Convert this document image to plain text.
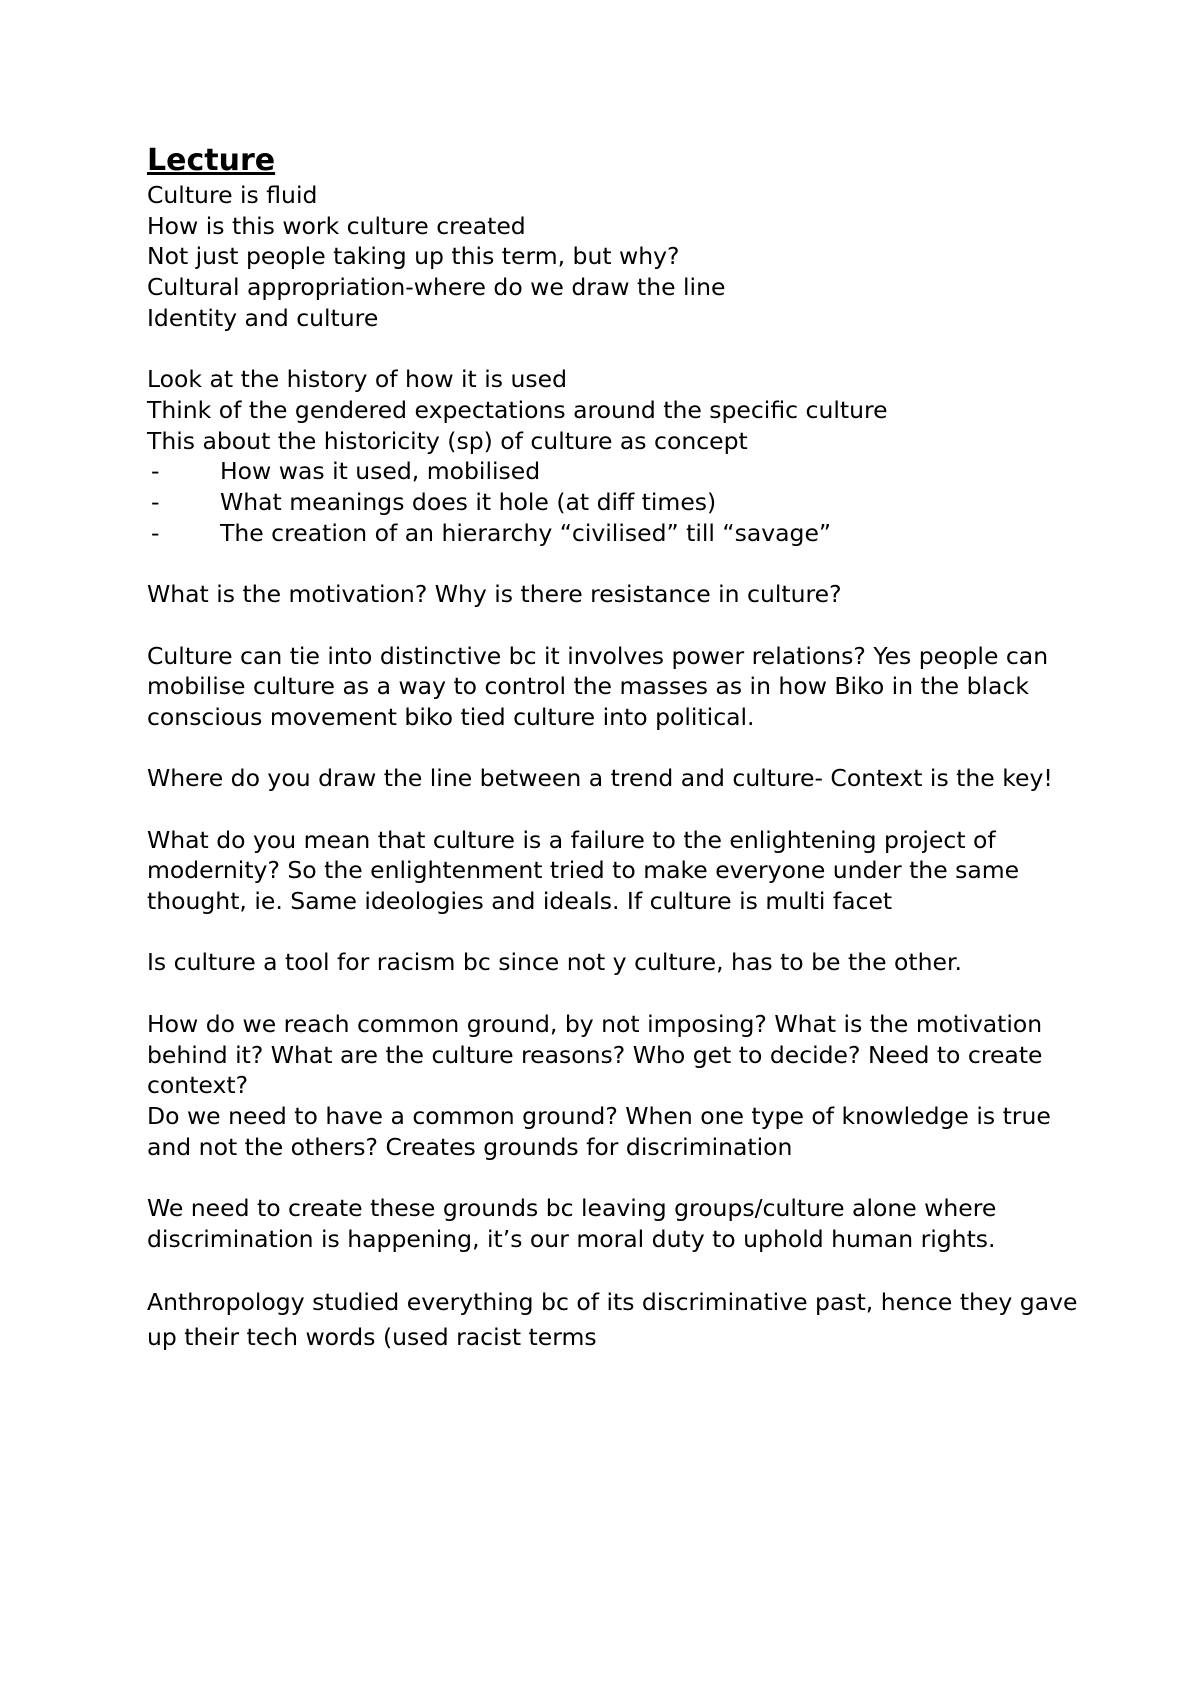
Lecture

Culture is fluid

How is this work culture created

Not just people taking up this term, but why?

Cultural appropriation-where do we draw the line

Identity and culture

Look at the history of how it is used

Think of the gendered expectations around the specific culture

This about the historicity (sp) of culture as concept

-	How was it used, mobilised
-	What meanings does it hole (at diff times)
-	The creation of an hierarchy “civilised” till “savage”

What is the motivation? Why is there resistance in culture?

Culture can tie into distinctive bc it involves power relations? Yes people can mobilise culture as a way to control the masses as in how Biko in the black conscious movement biko tied culture into political.

Where do you draw the line between a trend and culture- Context is the key!

What do you mean that culture is a failure to the enlightening project of modernity? So the enlightenment tried to make everyone under the same thought, ie. Same ideologies and ideals. If culture is multi facet

Is culture a tool for racism bc since not y culture, has to be the other.

How do we reach common ground, by not imposing? What is the motivation behind it? What are the culture reasons? Who get to decide? Need to create context?

Do we need to have a common ground? When one type of knowledge is true and not the others? Creates grounds for discrimination

We need to create these grounds bc leaving groups/culture alone where discrimination is happening, it’s our moral duty to uphold human rights.

Anthropology studied everything bc of its discriminative past, hence they gave up their tech words (used racist terms
